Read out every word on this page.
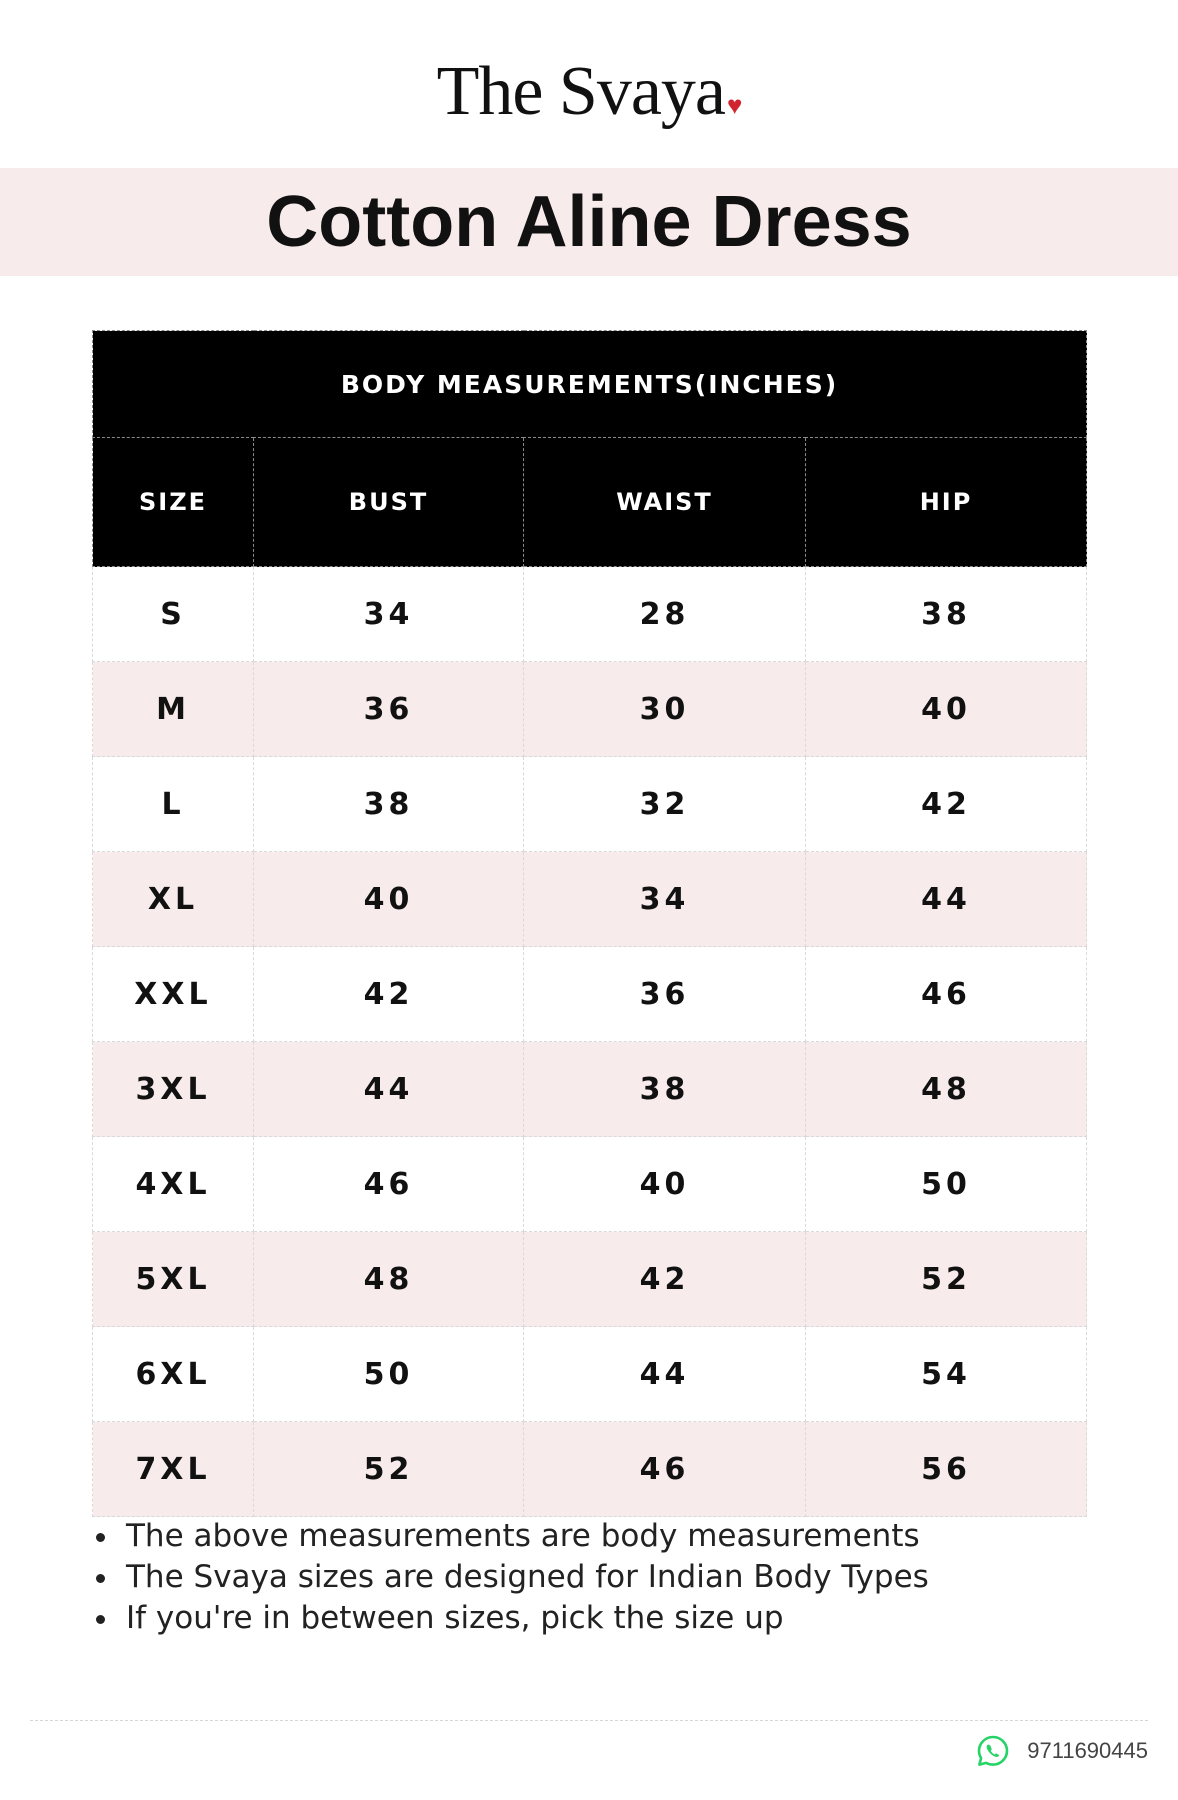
The Svaya♥
Cotton Aline Dress
BODY MEASUREMENTS(INCHES)			
SIZE	BUST	WAIST	HIP
S	34	28	38
M	36	30	40
L	38	32	42
XL	40	34	44
XXL	42	36	46
3XL	44	38	48
4XL	46	40	50
5XL	48	42	52
6XL	50	44	54
7XL	52	46	56
The above measurements are body measurements
The Svaya sizes are designed for Indian Body Types
If you're in between sizes, pick the size up
9711690445
